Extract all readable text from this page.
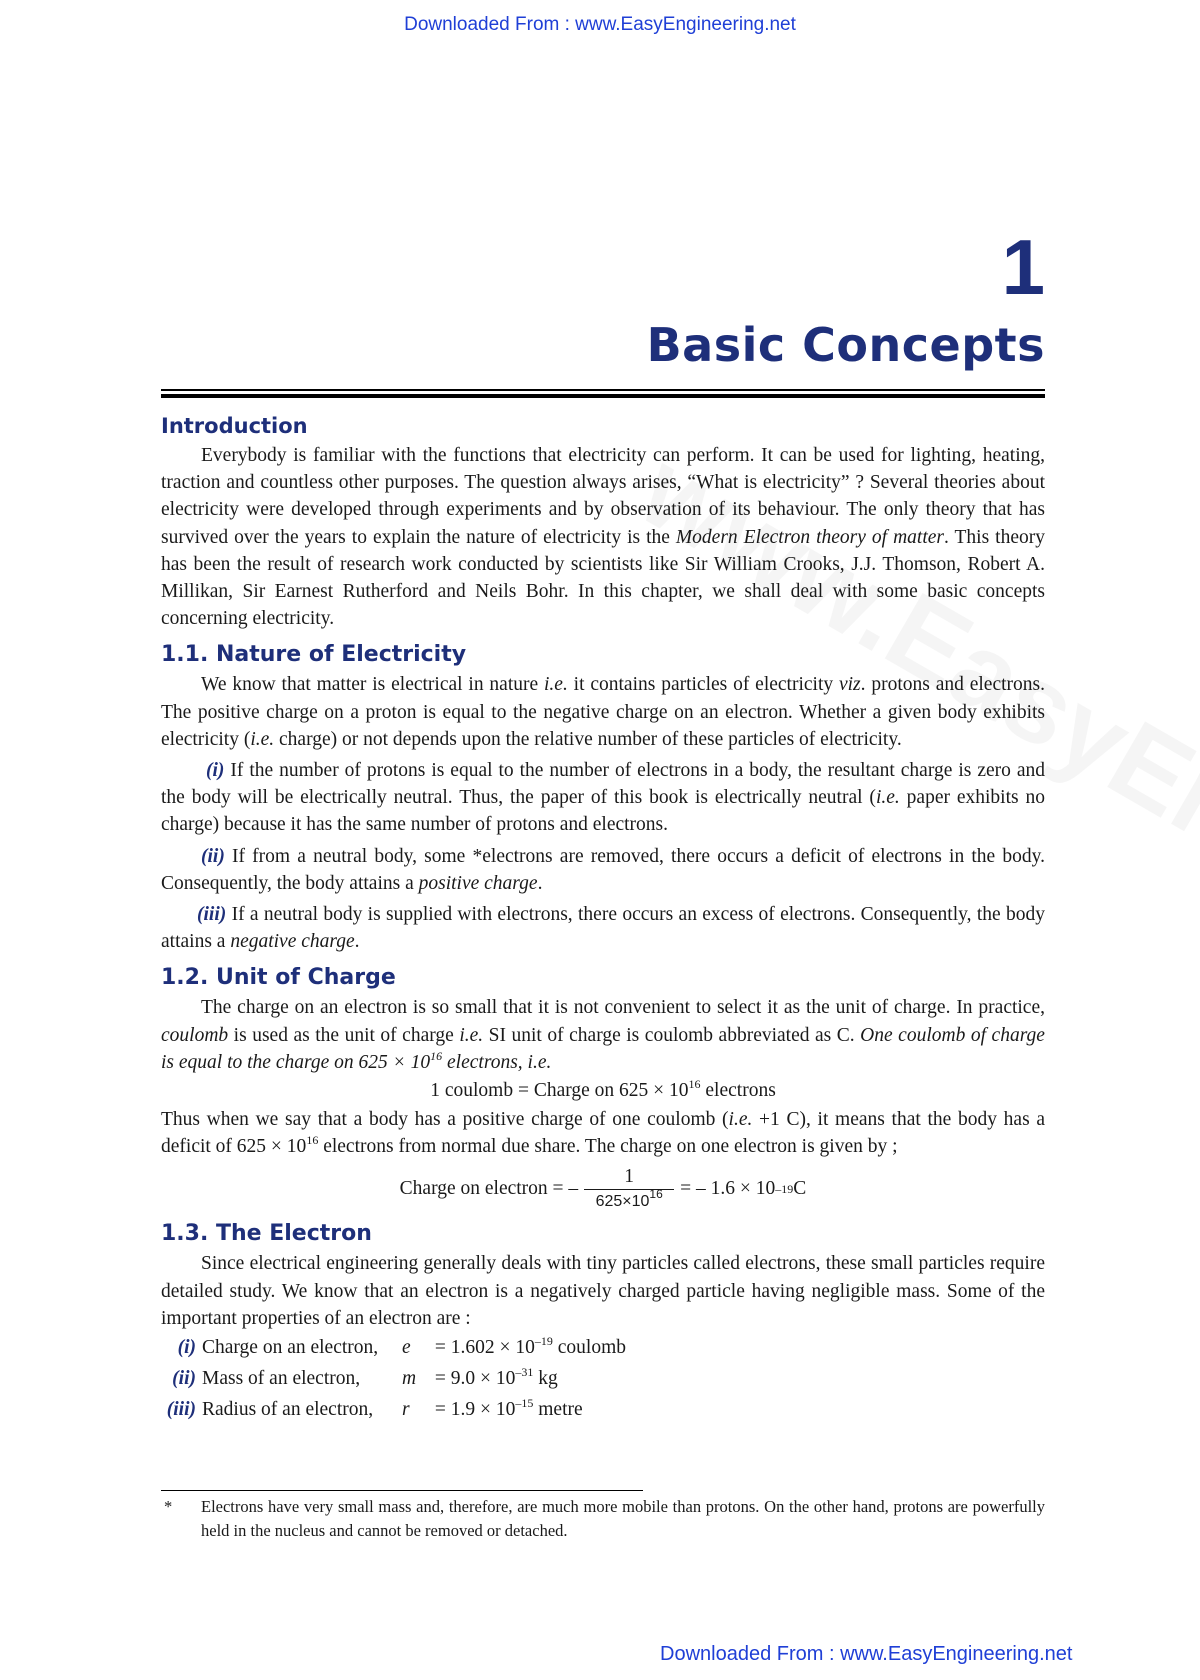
Downloaded From : www.EasyEngineering.net
1
Basic Concepts
Introduction

Everybody is familiar with the functions that electricity can perform. It can be used for lighting, heating, traction and countless other purposes. The question always arises, “What is electricity” ? Several theories about electricity were developed through experiments and by observation of its behaviour. The only theory that has survived over the years to explain the nature of electricity is the Modern Electron theory of matter. This theory has been the result of research work conducted by scientists like Sir William Crooks, J.J. Thomson, Robert A. Millikan, Sir Earnest Rutherford and Neils Bohr. In this chapter, we shall deal with some basic concepts concerning electricity.

1.1. Nature of Electricity

We know that matter is electrical in nature i.e. it contains particles of electricity viz. protons and electrons. The positive charge on a proton is equal to the negative charge on an electron. Whether a given body exhibits electricity (i.e. charge) or not depends upon the relative number of these particles of electricity.

(i) If the number of protons is equal to the number of electrons in a body, the resultant charge is zero and the body will be electrically neutral. Thus, the paper of this book is electrically neutral (i.e. paper exhibits no charge) because it has the same number of protons and electrons.

(ii) If from a neutral body, some *electrons are removed, there occurs a deficit of electrons in the body. Consequently, the body attains a positive charge.

(iii) If a neutral body is supplied with electrons, there occurs an excess of electrons. Consequently, the body attains a negative charge.

1.2. Unit of Charge

The charge on an electron is so small that it is not convenient to select it as the unit of charge. In practice, coulomb is used as the unit of charge i.e. SI unit of charge is coulomb abbreviated as C. One coulomb of charge is equal to the charge on $625 \times 10^{16}$ electrons, i.e.

1 coulomb = Charge on $625 \times 10^{16}$ electrons

Thus when we say that a body has a positive charge of one coulomb (i.e. +1 C), it means that the body has a deficit of $625 \times 10^{16}$ electrons from normal due share. The charge on one electron is given by ;

Charge on electron = – $\frac{1}{625\times 10^{16}}$ = – 1.6 × 10 –19 C
1.3. The Electron

Since electrical engineering generally deals with tiny particles called electrons, these small particles require detailed study. We know that an electron is a negatively charged particle having negligible mass. Some of the important properties of an electron are :

(i) Charge on an electron, $e = 1.602 \times 10^{-19}$ coulomb
(ii) Mass of an electron, $m = 9.0 \times 10^{-31}$ kg
(iii) Radius of an electron, $r = 1.9 \times 10^{-15}$ metre
* Electrons have very small mass and, therefore, are much more mobile than protons. On the other hand, protons are powerfully held in the nucleus and cannot be removed or detached.
Downloaded From : www.EasyEngineering.net
